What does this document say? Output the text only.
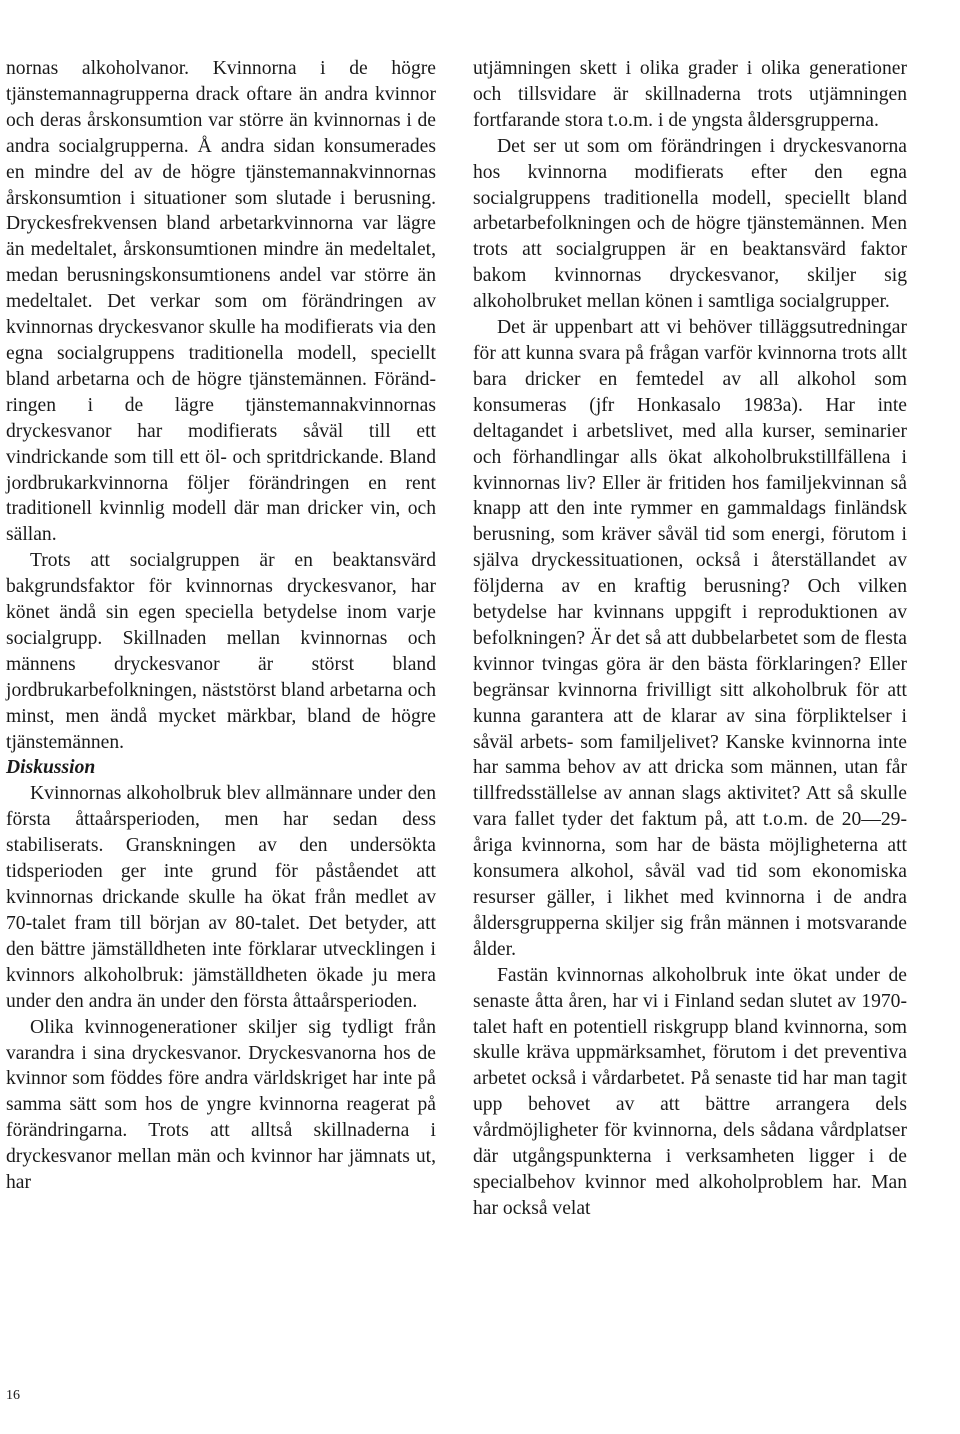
nornas alkoholvanor. Kvinnorna i de högre tjänstemannagrupperna drack oftare än andra kvinnor och deras årskonsumtion var större än kvinnornas i de andra socialgrupperna. Å andra sidan konsumerades en mindre del av de högre tjänstemannakvinnornas årskonsumtion i situationer som slutade i berusning. Dryckesfrekvensen bland arbetarkvinnorna var lägre än medeltalet, årskonsumtionen mindre än medeltalet, medan berusningskonsumtionens andel var större än medeltalet. Det verkar som om förändringen av kvinnornas dryckesvanor skulle ha modifierats via den egna socialgruppens traditionella modell, speciellt bland arbetarna och de högre tjänstemännen. Förändringen i de lägre tjänstemannakvinnornas dryckesvanor har modifierats såväl till ett vindrickande som till ett öl- och spritdrickande. Bland jordbrukarkvinnorna följer förändringen en rent traditionell kvinnlig modell där man dricker vin, och sällan.

Trots att socialgruppen är en beaktansvärd bakgrundsfaktor för kvinnornas dryckesvanor, har könet ändå sin egen speciella betydelse inom varje socialgrupp. Skillnaden mellan kvinnornas och männens dryckesvanor är störst bland jordbrukarbefolkningen, näststörst bland arbetarna och minst, men ändå mycket märkbar, bland de högre tjänstemännen.

Diskussion

Kvinnornas alkoholbruk blev allmännare under den första åttaårsperioden, men har sedan dess stabiliserats. Granskningen av den undersökta tidsperioden ger inte grund för påståendet att kvinnornas drickande skulle ha ökat från medlet av 70-talet fram till början av 80-talet. Det betyder, att den bättre jämställdheten inte förklarar utvecklingen i kvinnors alkoholbruk: jämställdheten ökade ju mera under den andra än under den första åttaårsperioden.

Olika kvinnogenerationer skiljer sig tydligt från varandra i sina dryckesvanor. Dryckesvanorna hos de kvinnor som föddes före andra världskriget har inte på samma sätt som hos de yngre kvinnorna reagerat på förändringarna. Trots att alltså skillnaderna i dryckesvanor mellan män och kvinnor har jämnats ut, har

utjämningen skett i olika grader i olika generationer och tillsvidare är skillnaderna trots utjämningen fortfarande stora t.o.m. i de yngsta åldersgrupperna.

Det ser ut som om förändringen i dryckesvanorna hos kvinnorna modifierats efter den egna socialgruppens traditionella modell, speciellt bland arbetarbefolkningen och de högre tjänstemännen. Men trots att socialgruppen är en beaktansvärd faktor bakom kvinnornas dryckesvanor, skiljer sig alkoholbruket mellan könen i samtliga socialgrupper.

Det är uppenbart att vi behöver tilläggsutredningar för att kunna svara på frågan varför kvinnorna trots allt bara dricker en femtedel av all alkohol som konsumeras (jfr Honkasalo 1983a). Har inte deltagandet i arbetslivet, med alla kurser, seminarier och förhandlingar alls ökat alkoholbrukstillfällena i kvinnornas liv? Eller är fritiden hos familjekvinnan så knapp att den inte rymmer en gammaldags finländsk berusning, som kräver såväl tid som energi, förutom i själva dryckessituationen, också i återställandet av följderna av en kraftig berusning? Och vilken betydelse har kvinnans uppgift i reproduktionen av befolkningen? Är det så att dubbelarbetet som de flesta kvinnor tvingas göra är den bästa förklaringen? Eller begränsar kvinnorna frivilligt sitt alkoholbruk för att kunna garantera att de klarar av sina förpliktelser i såväl arbets- som familjelivet? Kanske kvinnorna inte har samma behov av att dricka som männen, utan får tillfredsställelse av annan slags aktivitet? Att så skulle vara fallet tyder det faktum på, att t.o.m. de 20—29-åriga kvinnorna, som har de bästa möjligheterna att konsumera alkohol, såväl vad tid som ekonomiska resurser gäller, i likhet med kvinnorna i de andra åldersgrupperna skiljer sig från männen i motsvarande ålder.

Fastän kvinnornas alkoholbruk inte ökat under de senaste åtta åren, har vi i Finland sedan slutet av 1970-talet haft en potentiell riskgrupp bland kvinnorna, som skulle kräva uppmärksamhet, förutom i det preventiva arbetet också i vårdarbetet. På senaste tid har man tagit upp behovet av att bättre arrangera dels vårdmöjligheter för kvinnorna, dels sådana vårdplatser där utgångspunkterna i verksamheten ligger i de specialbehov kvinnor med alkoholproblem har. Man har också velat

16
